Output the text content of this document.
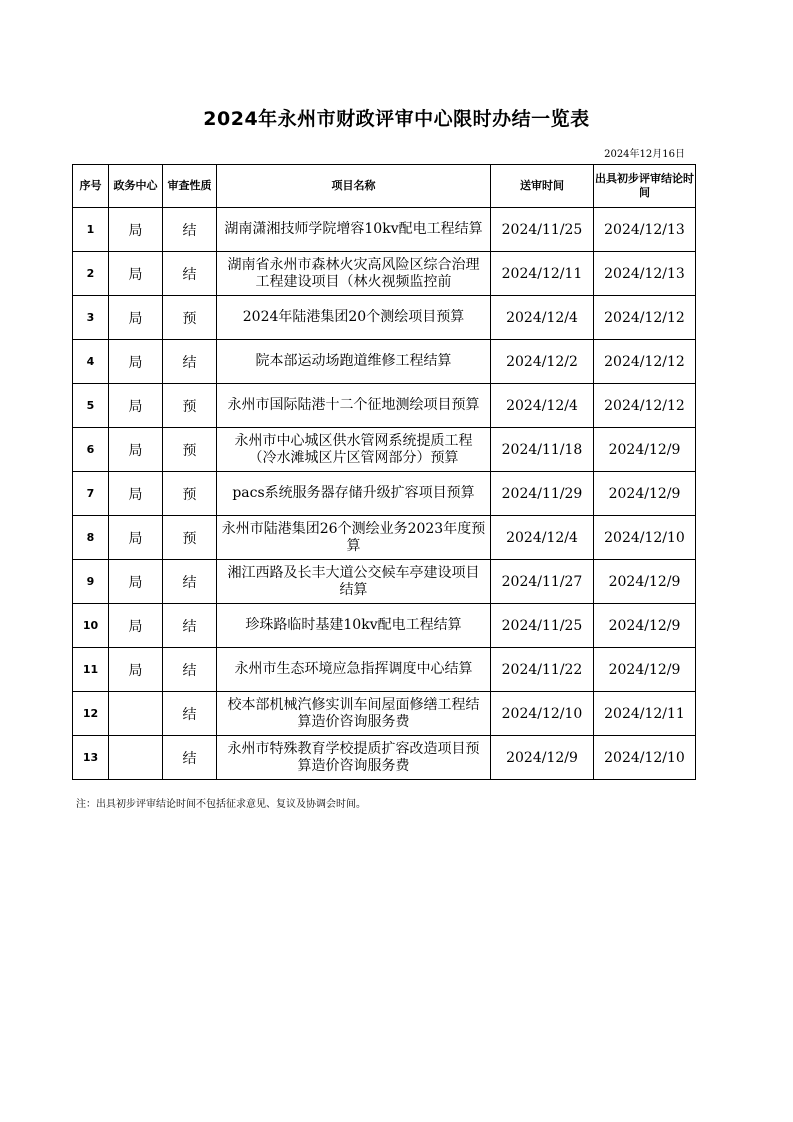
2024年永州市财政评审中心限时办结一览表
2024年12月16日
序号	政务中心	审查性质	项目名称	送审时间	出具初步评审结论时间
1	局	结	湖南潇湘技师学院增容10kv配电工程结算	2024/11/25	2024/12/13
2	局	结	湖南省永州市森林火灾高风险区综合治理工程建设项目（林火视频监控前	2024/12/11	2024/12/13
3	局	预	2024年陆港集团20个测绘项目预算	2024/12/4	2024/12/12
4	局	结	院本部运动场跑道维修工程结算	2024/12/2	2024/12/12
5	局	预	永州市国际陆港十二个征地测绘项目预算	2024/12/4	2024/12/12
6	局	预	永州市中心城区供水管网系统提质工程（冷水滩城区片区管网部分）预算	2024/11/18	2024/12/9
7	局	预	pacs系统服务器存储升级扩容项目预算	2024/11/29	2024/12/9
8	局	预	永州市陆港集团26个测绘业务2023年度预算	2024/12/4	2024/12/10
9	局	结	湘江西路及长丰大道公交候车亭建设项目结算	2024/11/27	2024/12/9
10	局	结	珍珠路临时基建10kv配电工程结算	2024/11/25	2024/12/9
11	局	结	永州市生态环境应急指挥调度中心结算	2024/11/22	2024/12/9
12		结	校本部机械汽修实训车间屋面修缮工程结算造价咨询服务费	2024/12/10	2024/12/11
13		结	永州市特殊教育学校提质扩容改造项目预算造价咨询服务费	2024/12/9	2024/12/10
注：出具初步评审结论时间不包括征求意见、复议及协调会时间。
